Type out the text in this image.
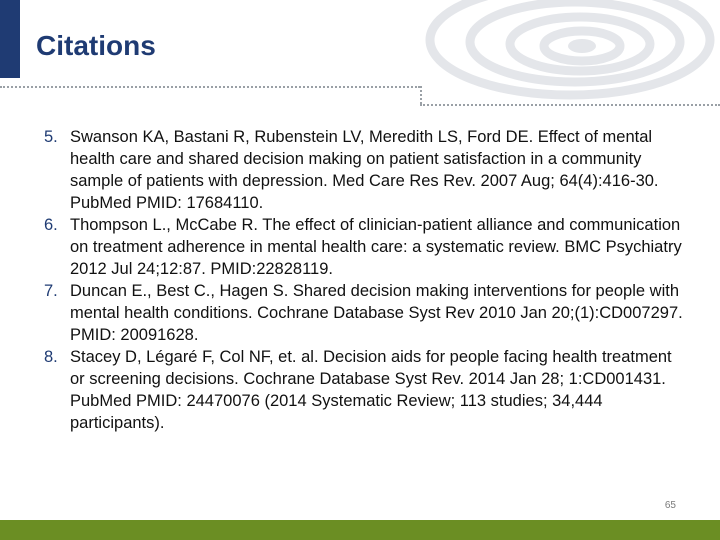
Citations
5. Swanson KA, Bastani R, Rubenstein LV, Meredith LS, Ford DE. Effect of mental health care and shared decision making on patient satisfaction in a community sample of patients with depression. Med Care Res Rev. 2007 Aug; 64(4):416-30. PubMed PMID: 17684110.
6. Thompson L., McCabe R. The effect of clinician-patient alliance and communication on treatment adherence in mental health care: a systematic review. BMC Psychiatry 2012 Jul 24;12:87. PMID:22828119.
7. Duncan E., Best C., Hagen S. Shared decision making interventions for people with mental health conditions. Cochrane Database Syst Rev 2010 Jan 20;(1):CD007297. PMID: 20091628.
8. Stacey D, Légaré F, Col NF, et. al. Decision aids for people facing health treatment or screening decisions. Cochrane Database Syst Rev. 2014 Jan 28; 1:CD001431. PubMed PMID: 24470076 (2014 Systematic Review; 113 studies; 34,444 participants).
65
